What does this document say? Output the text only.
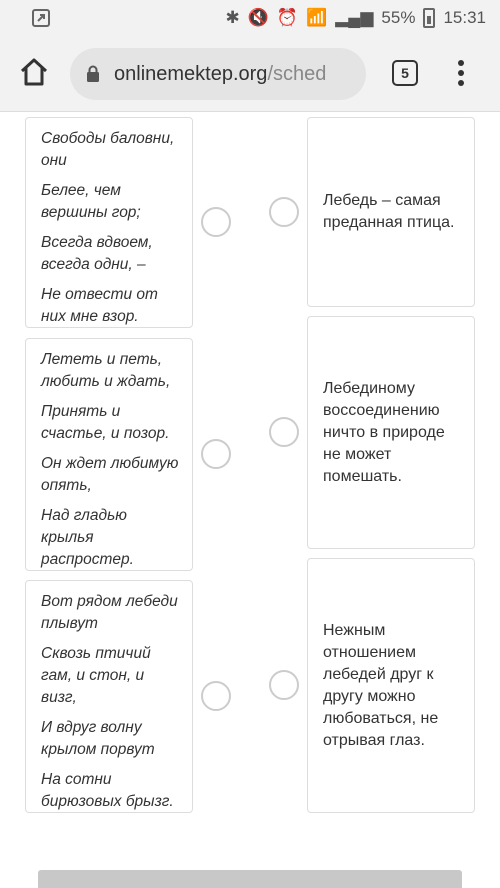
✱ 🔇 ⏰ 📶 ▂▄▆ 55% 15:31
onlinemektep.org/sched	5

Свободы баловни, они

Белее, чем вершины гор;

Всегда вдвоем, всегда одни, –

Не отвести от них мне взор.

Лебедь – самая преданная птица.

Лететь и петь, любить и ждать,

Принять и счастье, и позор.

Он ждет любимую опять,

Над гладью крылья распростер.

Лебединому воссоединению ничто в природе не может помешать.

Вот рядом лебеди плывут

Сквозь птичий гам, и стон, и визг,

И вдруг волну крылом порвут

На сотни бирюзовых брызг.

Нежным отношением лебедей друг к другу можно любоваться, не отрывая глаз.
